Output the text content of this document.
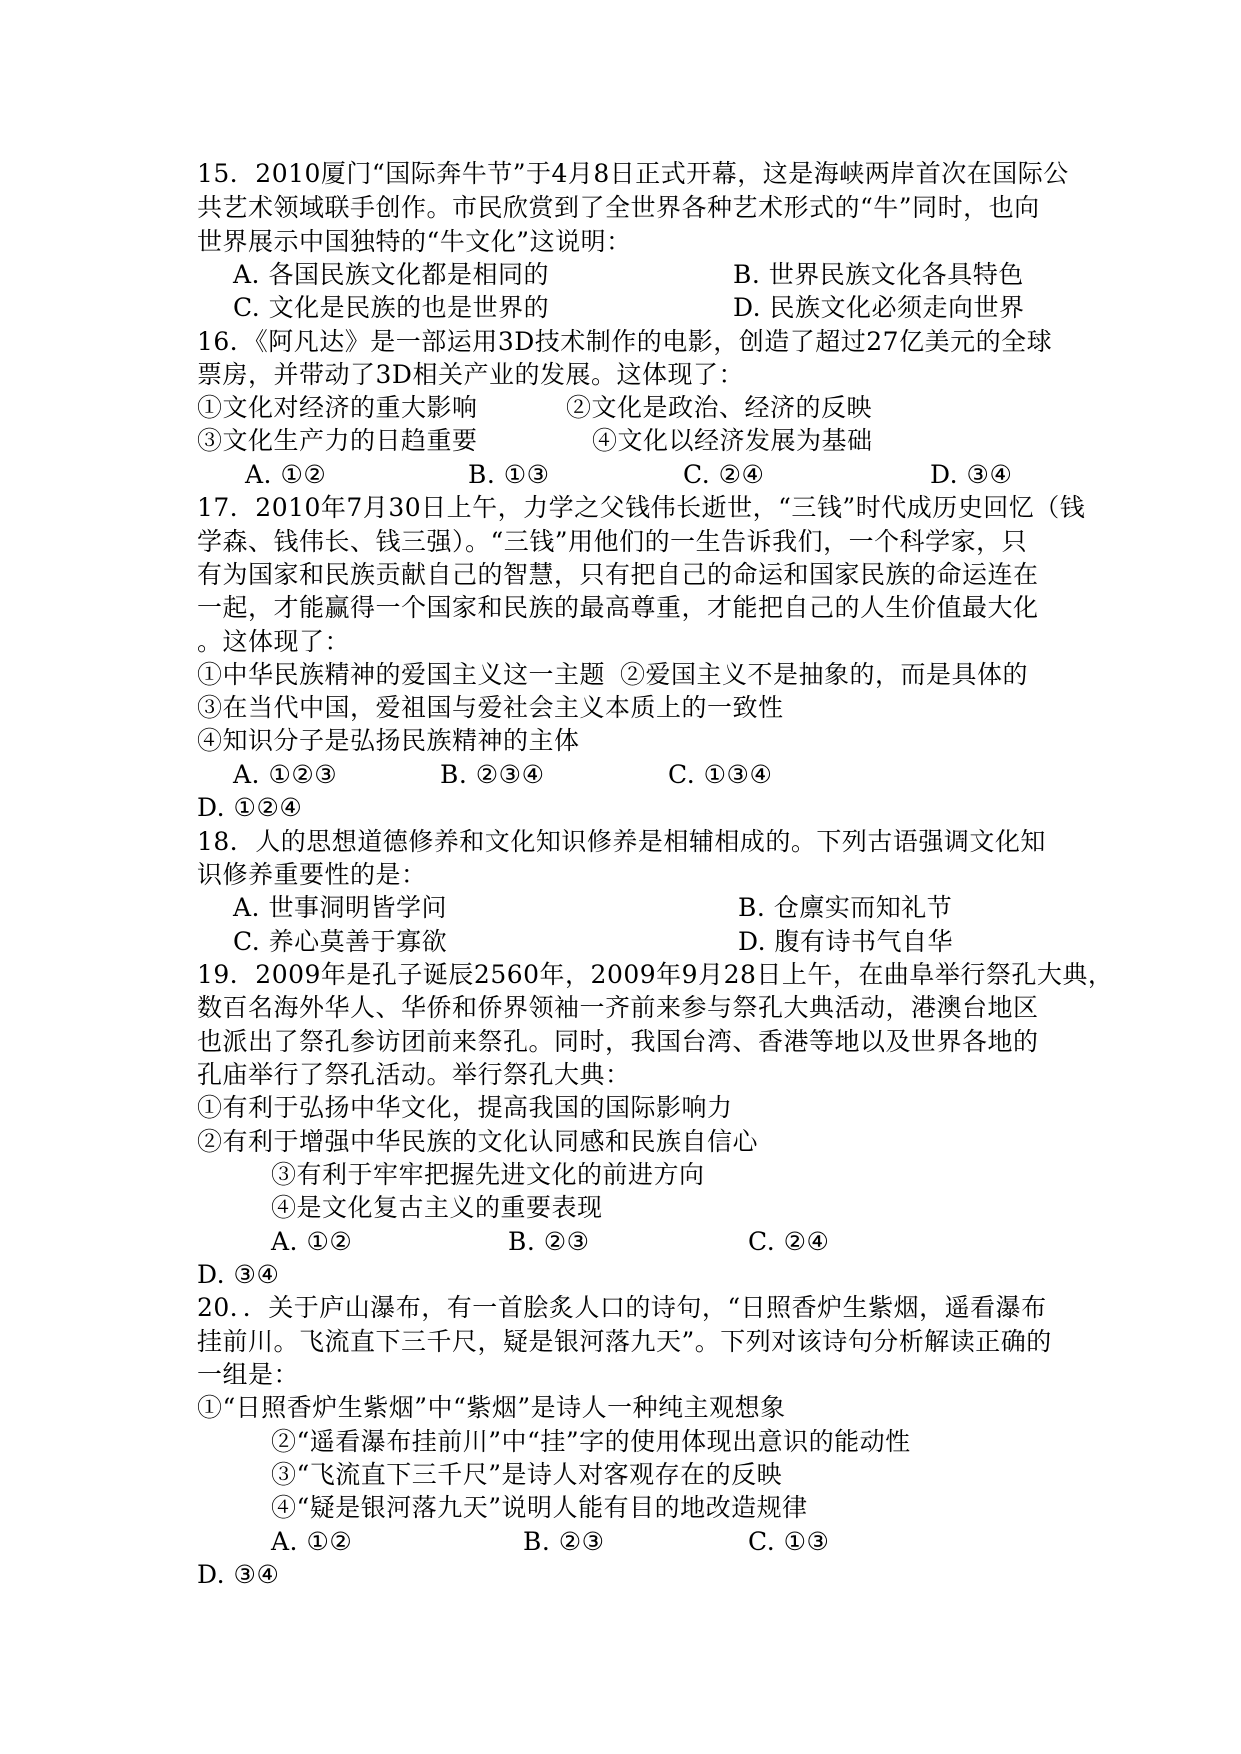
15．2010厦门“国际奔牛节”于4月8日正式开幕，这是海峡两岸首次在国际公
共艺术领域联手创作。市民欣赏到了全世界各种艺术形式的“牛”同时，也向
世界展示中国独特的“牛文化”这说明：
A. 各国民族文化都是相同的	B. 世界民族文化各具特色
C. 文化是民族的也是世界的	D. 民族文化必须走向世界
16．《阿凡达》是一部运用3D技术制作的电影，创造了超过27亿美元的全球
票房，并带动了3D相关产业的发展。这体现了：
①文化对经济的重大影响	②文化是政治、经济的反映
③文化生产力的日趋重要	④文化以经济发展为基础
A. ①②	B. ①③	C. ②④	D. ③④
17．2010年7月30日上午，力学之父钱伟长逝世，“三钱”时代成历史回忆（钱
学森、钱伟长、钱三强）。“三钱”用他们的一生告诉我们，一个科学家，只
有为国家和民族贡献自己的智慧，只有把自己的命运和国家民族的命运连在
一起，才能赢得一个国家和民族的最高尊重，才能把自己的人生价值最大化
。这体现了：
①中华民族精神的爱国主义这一主题 ②爱国主义不是抽象的，而是具体的
③在当代中国，爱祖国与爱社会主义本质上的一致性
④知识分子是弘扬民族精神的主体
A. ①②③	B. ②③④	C. ①③④
D. ①②④
18．人的思想道德修养和文化知识修养是相辅相成的。下列古语强调文化知
识修养重要性的是：
A. 世事洞明皆学问	B. 仓廪实而知礼节
C. 养心莫善于寡欲	D. 腹有诗书气自华
19．2009年是孔子诞辰2560年，2009年9月28日上午，在曲阜举行祭孔大典，
数百名海外华人、华侨和侨界领袖一齐前来参与祭孔大典活动，港澳台地区
也派出了祭孔参访团前来祭孔。同时，我国台湾、香港等地以及世界各地的
孔庙举行了祭孔活动。举行祭孔大典：
①有利于弘扬中华文化，提高我国的国际影响力
②有利于增强中华民族的文化认同感和民族自信心
③有利于牢牢把握先进文化的前进方向
④是文化复古主义的重要表现
A. ①②	B. ②③	C. ②④
D. ③④
20．．关于庐山瀑布，有一首脍炙人口的诗句，“日照香炉生紫烟，遥看瀑布
挂前川。飞流直下三千尺，疑是银河落九天”。下列对该诗句分析解读正确的
一组是：
①“日照香炉生紫烟”中“紫烟”是诗人一种纯主观想象
②“遥看瀑布挂前川”中“挂”字的使用体现出意识的能动性
③“飞流直下三千尺”是诗人对客观存在的反映
④“疑是银河落九天”说明人能有目的地改造规律
A. ①②	B. ②③	C. ①③
D. ③④
